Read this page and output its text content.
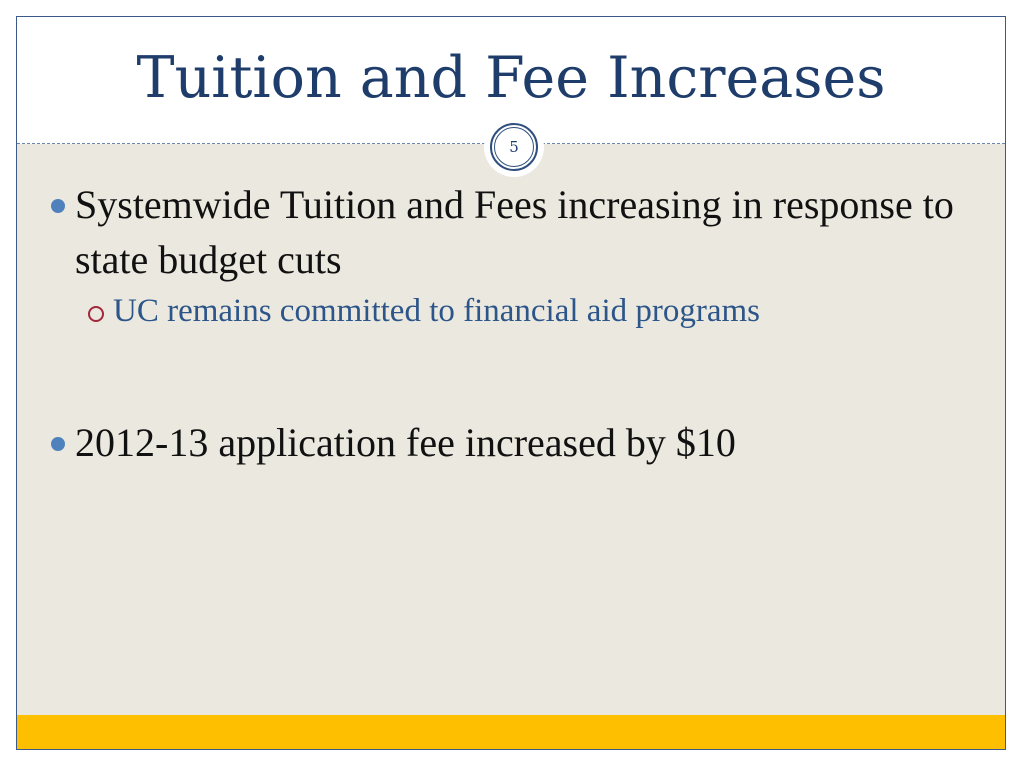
Tuition and Fee Increases
5
Systemwide Tuition and Fees increasing in response to state budget cuts
UC remains committed to financial aid programs
2012-13 application fee increased by $10
